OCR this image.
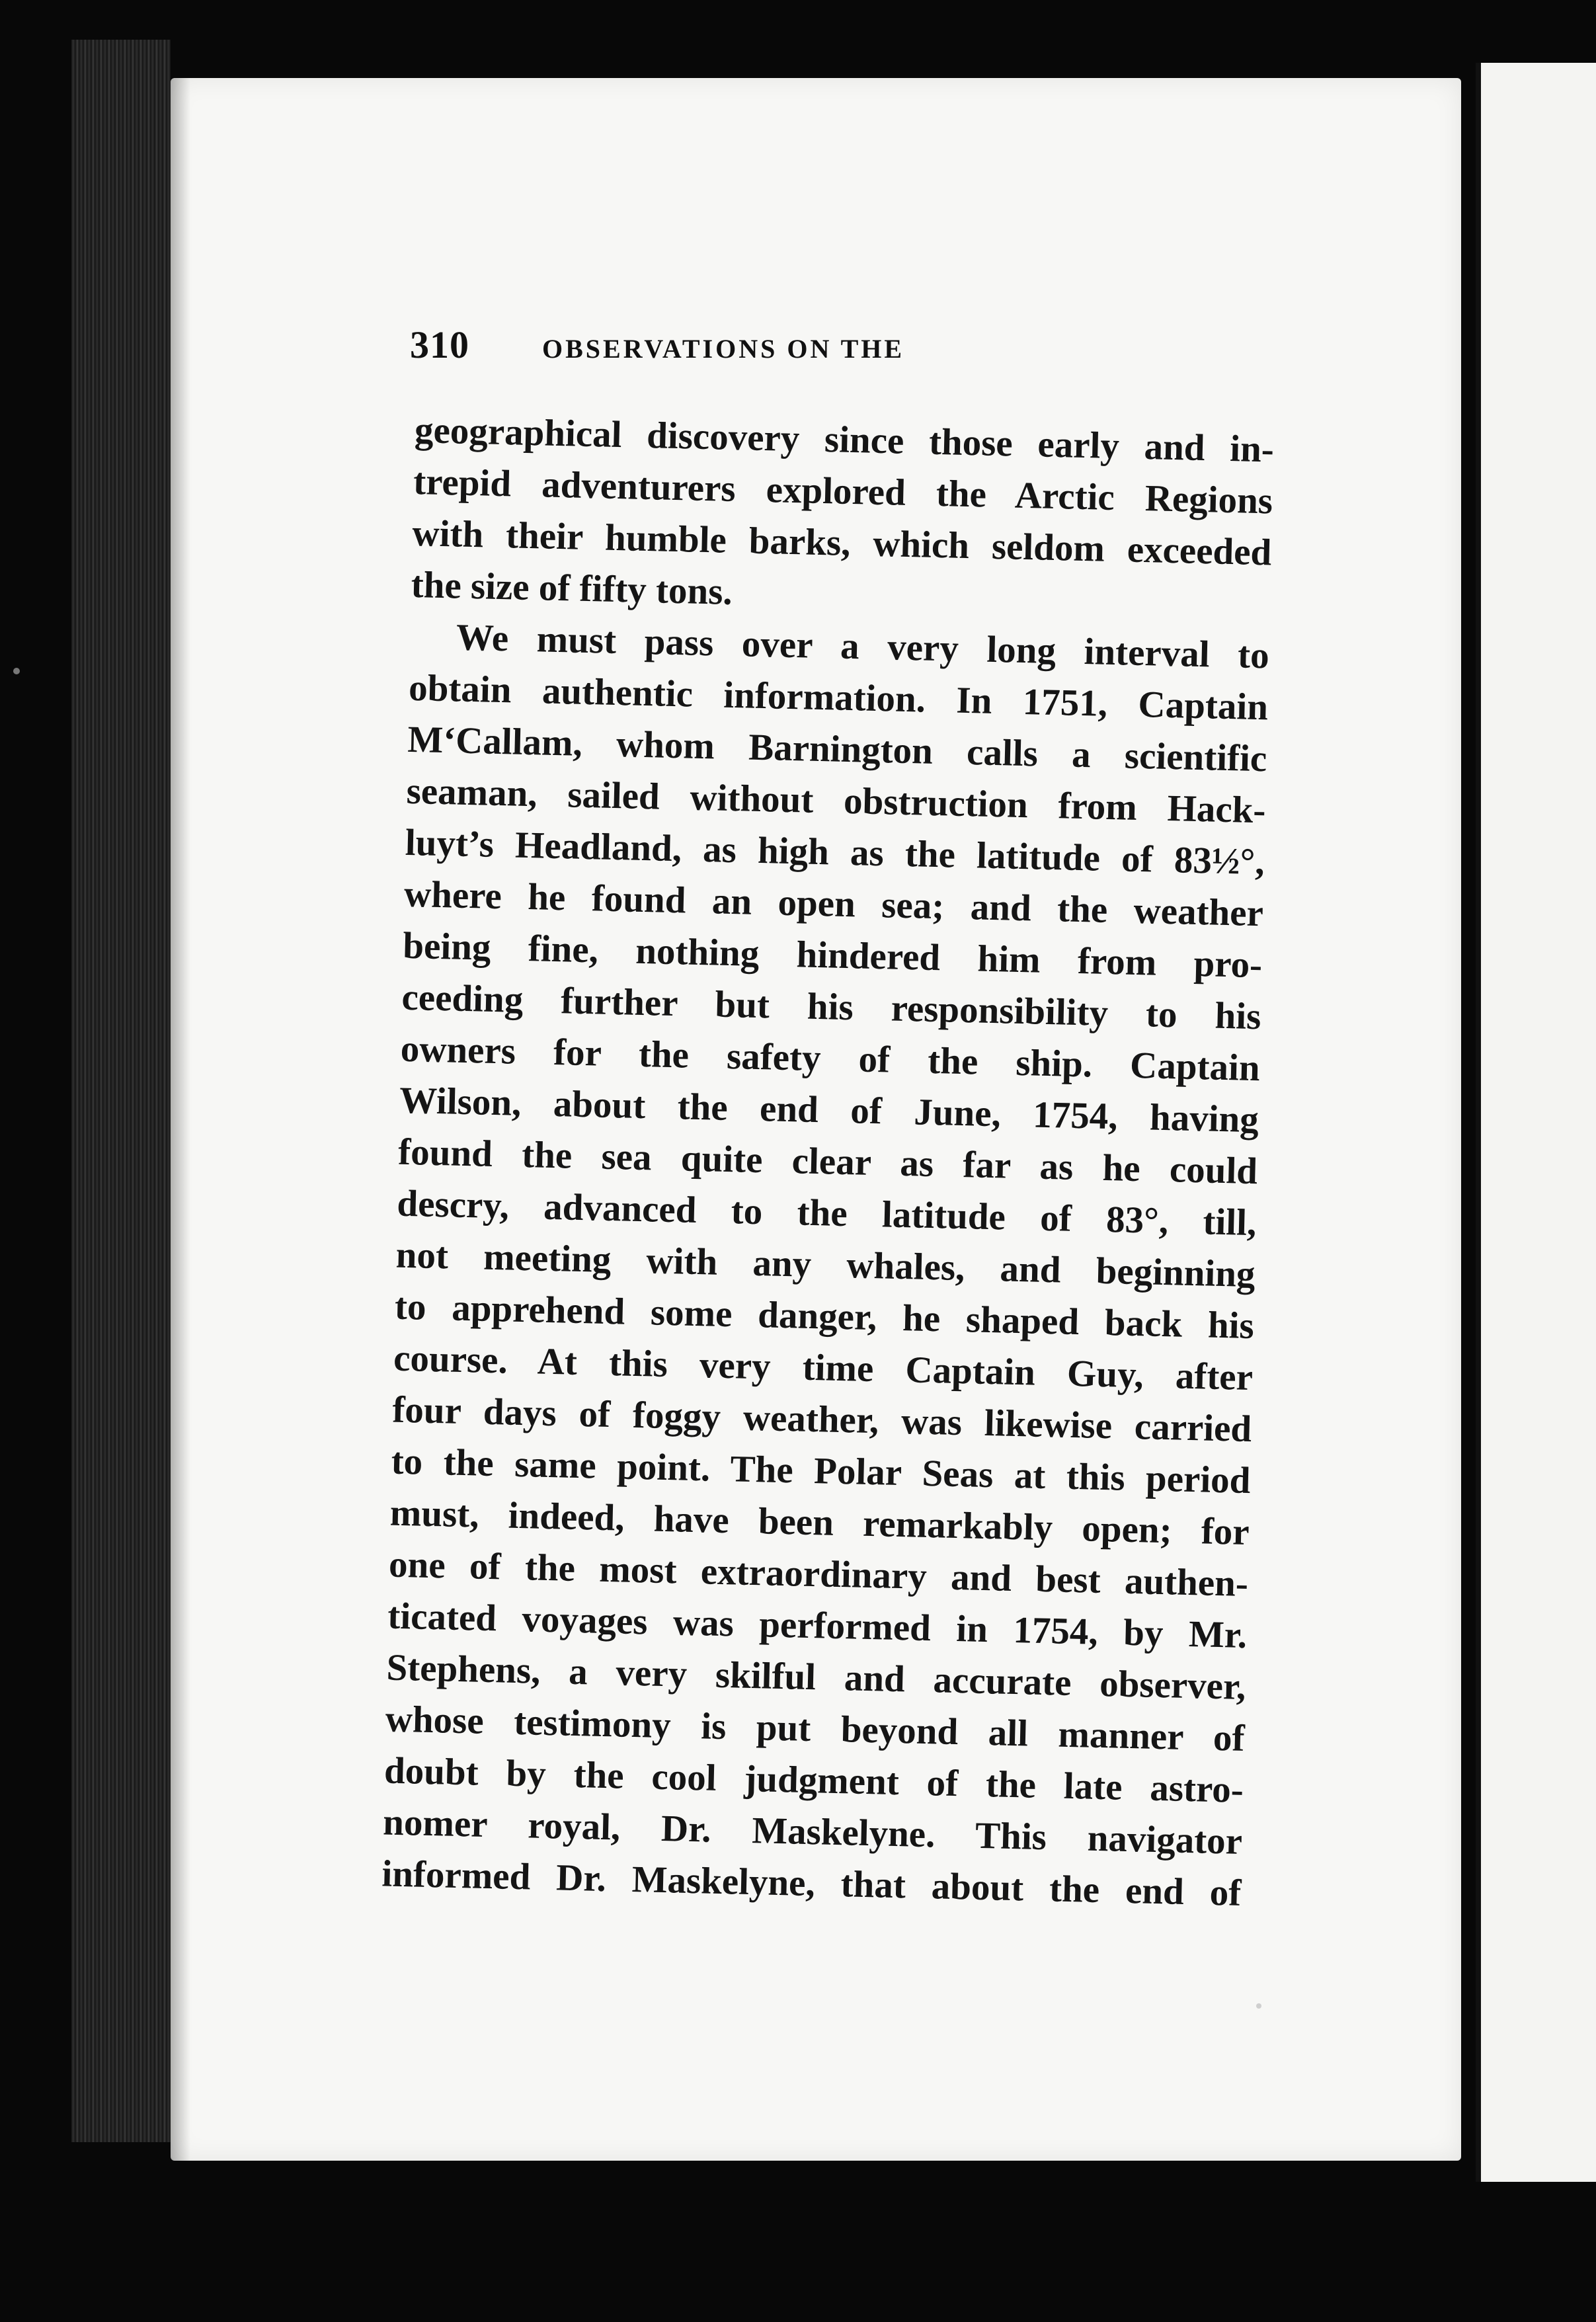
310	OBSERVATIONS ON THE

geographical discovery since those early and in-
trepid adventurers explored the Arctic Regions
with their humble barks, which seldom exceeded
the size of fifty tons.

We must pass over a very long interval to
obtain authentic information. In 1751, Captain
M‘Callam, whom Barnington calls a scientific
seaman, sailed without obstruction from Hack-
luyt’s Headland, as high as the latitude of 83½°,
where he found an open sea; and the weather
being fine, nothing hindered him from pro-
ceeding further but his responsibility to his
owners for the safety of the ship. Captain
Wilson, about the end of June, 1754, having
found the sea quite clear as far as he could
descry, advanced to the latitude of 83°, till,
not meeting with any whales, and beginning
to apprehend some danger, he shaped back his
course. At this very time Captain Guy, after
four days of foggy weather, was likewise carried
to the same point. The Polar Seas at this period
must, indeed, have been remarkably open; for
one of the most extraordinary and best authen-
ticated voyages was performed in 1754, by Mr.
Stephens, a very skilful and accurate observer,
whose testimony is put beyond all manner of
doubt by the cool judgment of the late astro-
nomer royal, Dr. Maskelyne. This navigator
informed Dr. Maskelyne, that about the end of
